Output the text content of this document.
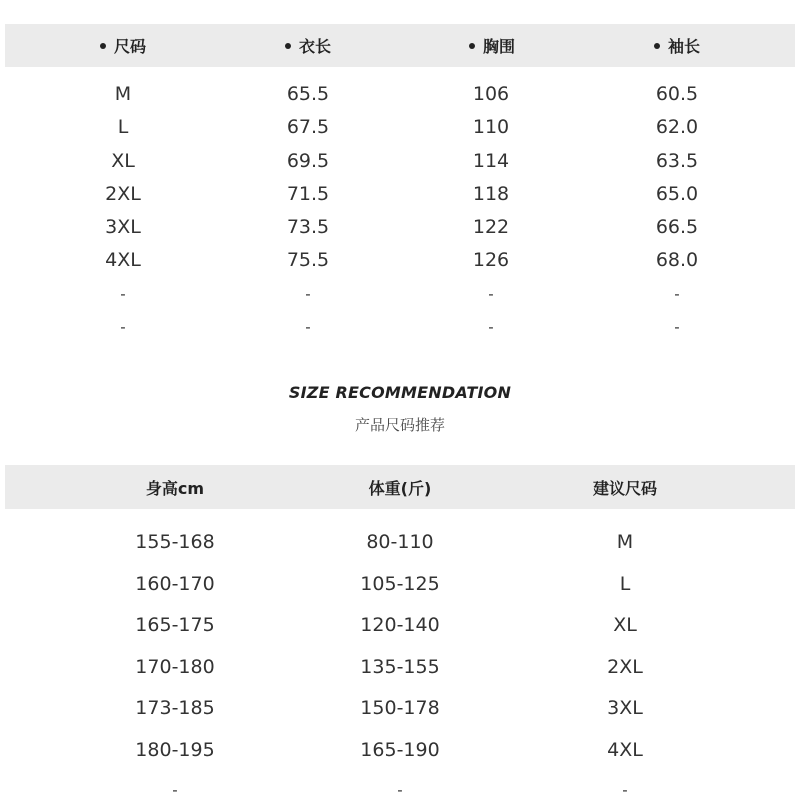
尺码	衣长	胸围	袖长
M	65.5	106	60.5
L	67.5	110	62.0
XL	69.5	114	63.5
2XL	71.5	118	65.0
3XL	73.5	122	66.5
4XL	75.5	126	68.0
-	-	-	-
-	-	-	-
SIZE RECOMMENDATION
产品尺码推荐
身高cm	体重(斤)	建议尺码
155-168	80-110	M
160-170	105-125	L
165-175	120-140	XL
170-180	135-155	2XL
173-185	150-178	3XL
180-195	165-190	4XL
-	-	-
